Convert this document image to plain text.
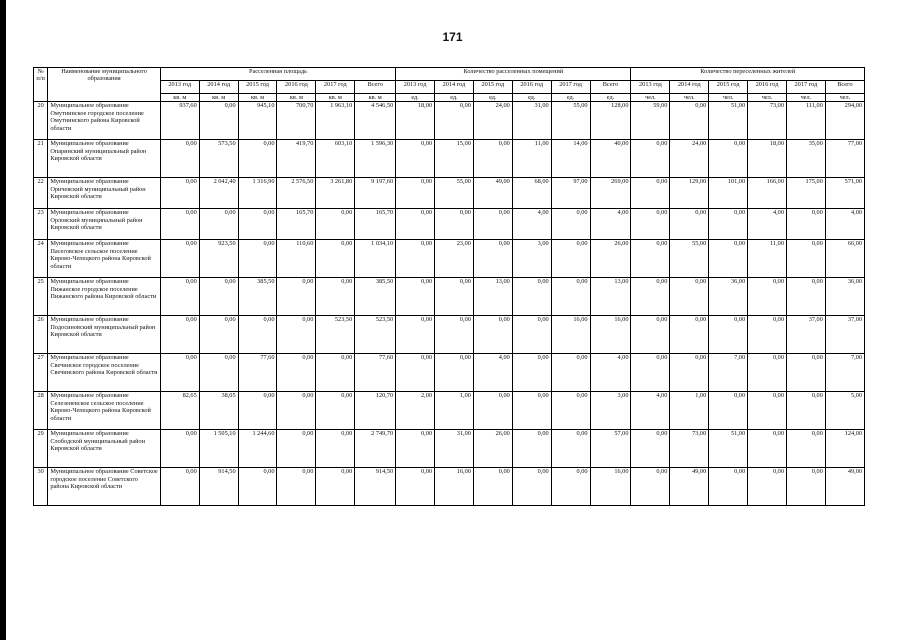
171
№ п/п	Наименование муниципального образования	Расселенная площадь						Количество расселенных помещений						Количество переселенных жителей					
		2013 год	2014 год	2015 год	2016 год	2017 год	Всего	2013 год	2014 год	2015 год	2016 год	2017 год	Всего	2013 год	2014 год	2015 год	2016 год	2017 год	Всего
		кв. м	кв. м	кв. м	кв. м	кв. м	кв. м	ед.	ед.	ед.	ед.	ед.	ед.	чел.	чел.	чел.	чел.	чел.	чел.
20	Муниципальное образование Омутнинское городское поселение Омутнинского района Кировской области	937,60	0,00	945,10	700,70	1 963,10	4 546,50	18,00	0,00	24,00	31,00	55,00	128,00	59,00	0,00	51,00	73,00	111,00	294,00
21	Муниципальное образование Опаринский муниципальный район Кировской области	0,00	573,50	0,00	419,70	603,10	1 596,30	0,00	15,00	0,00	11,00	14,00	40,00	0,00	24,00	0,00	18,00	35,00	77,00
22	Муниципальное образование Оричевский муниципальный район Кировской области	0,00	2 042,40	1 316,90	2 576,50	3 261,80	9 197,60	0,00	55,00	49,00	68,00	97,00	269,00	0,00	129,00	101,00	166,00	175,00	571,00
23	Муниципальное образование Орловский муниципальный район Кировской области	0,00	0,00	0,00	165,70	0,00	165,70	0,00	0,00	0,00	4,00	0,00	4,00	0,00	0,00	0,00	4,00	0,00	4,00
24	Муниципальное образование Пасеговское сельское поселение Кирово-Чепецкого района Кировской области	0,00	923,50	0,00	110,60	0,00	1 034,10	0,00	23,00	0,00	3,00	0,00	26,00	0,00	55,00	0,00	11,00	0,00	66,00
25	Муниципальное образование Пижанское городское поселение Пижанского района Кировской области	0,00	0,00	385,50	0,00	0,00	385,50	0,00	0,00	13,00	0,00	0,00	13,00	0,00	0,00	36,00	0,00	0,00	36,00
26	Муниципальное образование Подосиновский муниципальный район Кировской области	0,00	0,00	0,00	0,00	523,50	523,50	0,00	0,00	0,00	0,00	16,00	16,00	0,00	0,00	0,00	0,00	37,00	37,00
27	Муниципальное образование Свечинское городское поселение Свечинского района Кировской области	0,00	0,00	77,60	0,00	0,00	77,60	0,00	0,00	4,00	0,00	0,00	4,00	0,00	0,00	7,00	0,00	0,00	7,00
28	Муниципальное образование Селезеневское сельское поселение Кирово-Чепецкого района Кировской области	82,65	38,05	0,00	0,00	0,00	120,70	2,00	1,00	0,00	0,00	0,00	3,00	4,00	1,00	0,00	0,00	0,00	5,00
29	Муниципальное образование Слободской муниципальный район Кировской области	0,00	1 505,10	1 244,60	0,00	0,00	2 749,70	0,00	31,00	26,00	0,00	0,00	57,00	0,00	73,00	51,00	0,00	0,00	124,00
30	Муниципальное образование Советское городское поселение Советского района Кировской области	0,00	914,50	0,00	0,00	0,00	914,50	0,00	16,00	0,00	0,00	0,00	16,00	0,00	49,00	0,00	0,00	0,00	49,00
